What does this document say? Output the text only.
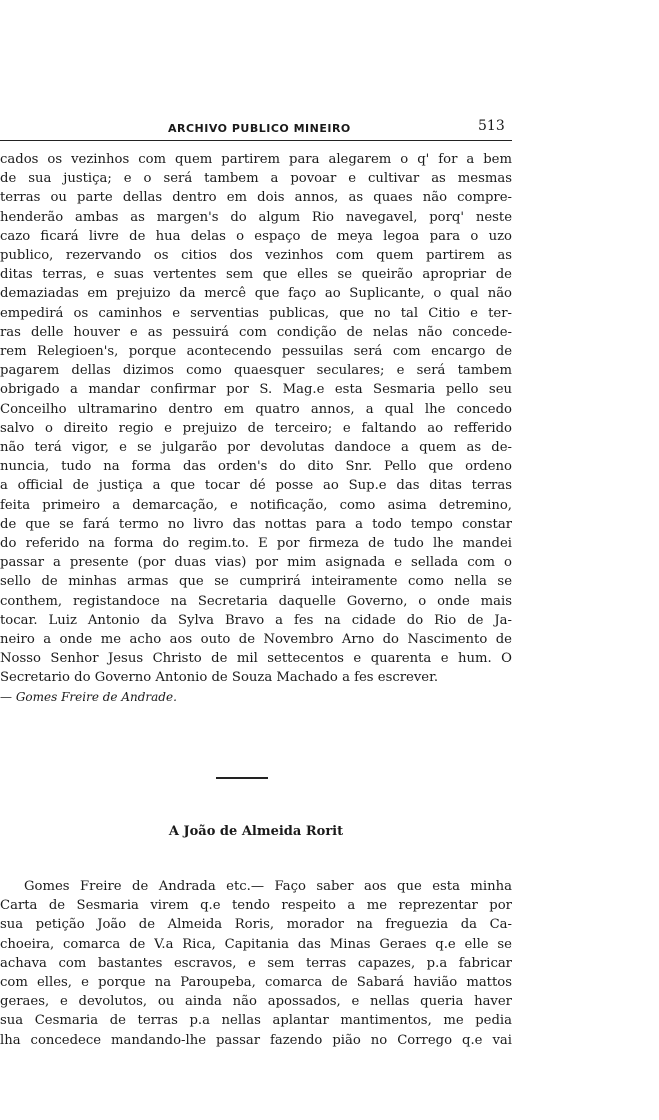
ARCHIVO PUBLICO MINEIRO	513
cados os vezinhos com quem partirem para alegarem o q' for a bem
de sua justiça; e o será tambem a povoar e cultivar as mesmas
terras ou parte dellas dentro em dois annos, as quaes não compre-
henderão ambas as margen's do algum Rio navegavel, porq' neste
cazo ficará livre de hua delas o espaço de meya legoa para o uzo
publico, rezervando os citios dos vezinhos com quem partirem as
ditas terras, e suas vertentes sem que elles se queirão apropriar de
demaziadas em prejuizo da mercê que faço ao Suplicante, o qual não
empedirá os caminhos e serventias publicas, que no tal Citio e ter-
ras delle houver e as pessuirá com condição de nelas não concede-
rem Relegioen's, porque acontecendo pessuilas será com encargo de
pagarem dellas dizimos como quaesquer seculares; e será tambem
obrigado a mandar confirmar por S. Mag.e esta Sesmaria pello seu
Conceilho ultramarino dentro em quatro annos, a qual lhe concedo
salvo o direito regio e prejuizo de terceiro; e faltando ao refferido
não terá vigor, e se julgarão por devolutas dandoce a quem as de-
nuncia, tudo na forma das orden's do dito Snr. Pello que ordeno
a official de justiça a que tocar dé posse ao Sup.e das ditas terras
feita primeiro a demarcação, e notificação, como asima detremino,
de que se fará termo no livro das nottas para a todo tempo constar
do referido na forma do regim.to. E por firmeza de tudo lhe mandei
passar a presente (por duas vias) por mim asignada e sellada com o
sello de minhas armas que se cumprirá inteiramente como nella se
conthem, registandoce na Secretaria daquelle Governo, o onde mais
tocar. Luiz Antonio da Sylva Bravo a fes na cidade do Rio de Ja-
neiro a onde me acho aos outo de Novembro Arno do Nascimento de
Nosso Senhor Jesus Christo de mil settecentos e quarenta e hum. O
Secretario do Governo Antonio de Souza Machado a fes escrever.
— Gomes Freire de Andrade.
A João de Almeida Rorit
Gomes Freire de Andrada etc.— Faço saber aos que esta minha
Carta de Sesmaria virem q.e tendo respeito a me reprezentar por
sua petição João de Almeida Roris, morador na freguezia da Ca-
choeira, comarca de V.a Rica, Capitania das Minas Geraes q.e elle se
achava com bastantes escravos, e sem terras capazes, p.a fabricar
com elles, e porque na Paroupeba, comarca de Sabará havião mattos
geraes, e devolutos, ou ainda não apossados, e nellas queria haver
sua Cesmaria de terras p.a nellas aplantar mantimentos, me pedia
lha concedece mandando-lhe passar fazendo pião no Corrego q.e vai
